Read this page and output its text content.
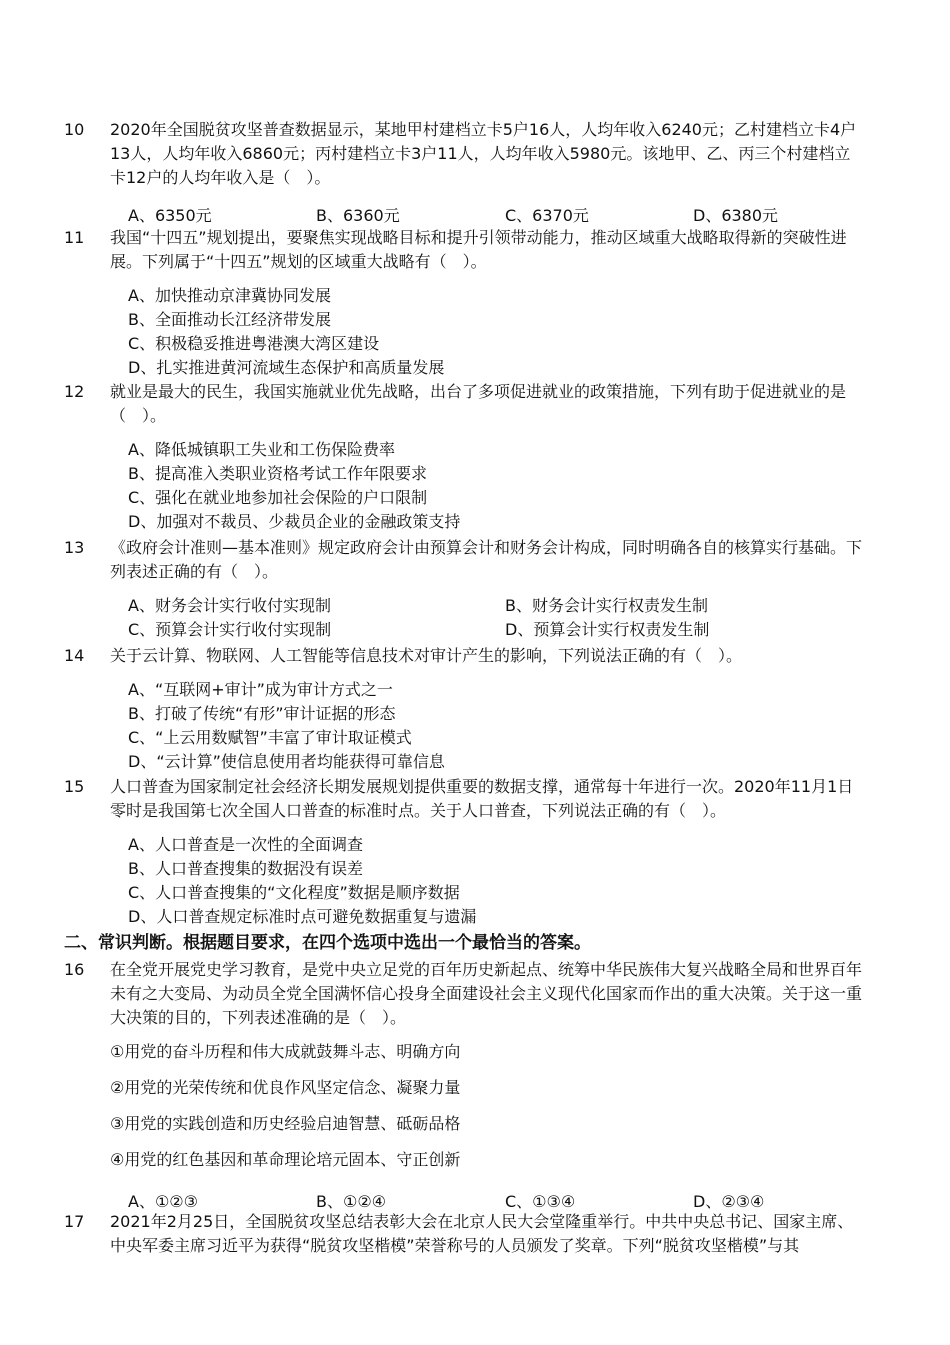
10	2020年全国脱贫攻坚普查数据显示，某地甲村建档立卡5户16人，人均年收入6240元；乙村建档立卡4户13人，人均年收入6860元；丙村建档立卡3户11人，人均年收入5980元。该地甲、乙、丙三个村建档立卡12户的人均年收入是（　）。
A、6350元	B、6360元	C、6370元	D、6380元
11	我国“十四五”规划提出，要聚焦实现战略目标和提升引领带动能力，推动区域重大战略取得新的突破性进展。下列属于“十四五”规划的区域重大战略有（　）。
A、加快推动京津冀协同发展
B、全面推动长江经济带发展
C、积极稳妥推进粤港澳大湾区建设
D、扎实推进黄河流域生态保护和高质量发展
12	就业是最大的民生，我国实施就业优先战略，出台了多项促进就业的政策措施，下列有助于促进就业的是（　）。
A、降低城镇职工失业和工伤保险费率
B、提高准入类职业资格考试工作年限要求
C、强化在就业地参加社会保险的户口限制
D、加强对不裁员、少裁员企业的金融政策支持
13	《政府会计准则—基本准则》规定政府会计由预算会计和财务会计构成，同时明确各自的核算实行基础。下列表述正确的有（　）。
A、财务会计实行收付实现制	B、财务会计实行权责发生制
C、预算会计实行收付实现制	D、预算会计实行权责发生制
14	关于云计算、物联网、人工智能等信息技术对审计产生的影响，下列说法正确的有（　）。
A、“互联网+审计”成为审计方式之一
B、打破了传统“有形”审计证据的形态
C、“上云用数赋智”丰富了审计取证模式
D、“云计算”使信息使用者均能获得可靠信息
15	人口普查为国家制定社会经济长期发展规划提供重要的数据支撑，通常每十年进行一次。2020年11月1日零时是我国第七次全国人口普查的标准时点。关于人口普查，下列说法正确的有（　）。
A、人口普查是一次性的全面调查
B、人口普查搜集的数据没有误差
C、人口普查搜集的“文化程度”数据是顺序数据
D、人口普查规定标准时点可避免数据重复与遗漏
二、常识判断。根据题目要求，在四个选项中选出一个最恰当的答案。
16	在全党开展党史学习教育，是党中央立足党的百年历史新起点、统筹中华民族伟大复兴战略全局和世界百年未有之大变局、为动员全党全国满怀信心投身全面建设社会主义现代化国家而作出的重大决策。关于这一重大决策的目的，下列表述准确的是（　）。
①用党的奋斗历程和伟大成就鼓舞斗志、明确方向
②用党的光荣传统和优良作风坚定信念、凝聚力量
③用党的实践创造和历史经验启迪智慧、砥砺品格
④用党的红色基因和革命理论培元固本、守正创新
A、①②③	B、①②④	C、①③④	D、②③④
17	2021年2月25日，全国脱贫攻坚总结表彰大会在北京人民大会堂隆重举行。中共中央总书记、国家主席、中央军委主席习近平为获得“脱贫攻坚楷模”荣誉称号的人员颁发了奖章。下列“脱贫攻坚楷模”与其
